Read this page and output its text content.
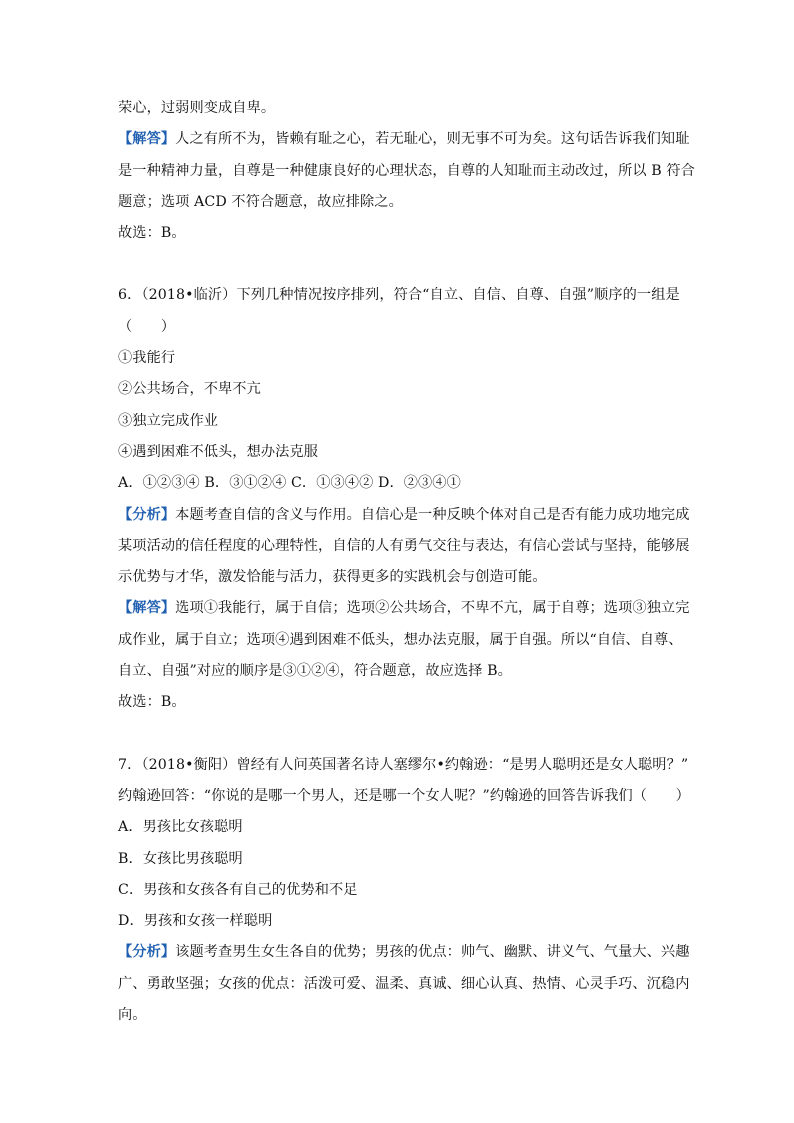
荣心，过弱则变成自卑。
【解答】人之有所不为，皆赖有耻之心，若无耻心，则无事不可为矣。这句话告诉我们知耻
是一种精神力量，自尊是一种健康良好的心理状态，自尊的人知耻而主动改过，所以 B 符合
题意；选项 ACD 不符合题意，故应排除之。
故选：B。
6．（2018•临沂）下列几种情况按序排列，符合“自立、自信、自尊、自强”顺序的一组是
（　　）
①我能行
②公共场合，不卑不亢
③独立完成作业
④遇到困难不低头，想办法克服
A．①②③④ B．③①②④ C．①③④② D．②③④①
【分析】本题考查自信的含义与作用。自信心是一种反映个体对自己是否有能力成功地完成
某项活动的信任程度的心理特性，自信的人有勇气交往与表达，有信心尝试与坚持，能够展
示优势与才华，激发恰能与活力，获得更多的实践机会与创造可能。
【解答】选项①我能行，属于自信；选项②公共场合，不卑不亢，属于自尊；选项③独立完
成作业，属于自立；选项④遇到困难不低头，想办法克服，属于自强。所以“自信、自尊、
自立、自强”对应的顺序是③①②④，符合题意，故应选择 B。
故选：B。
7．（2018•衡阳）曾经有人问英国著名诗人塞缪尔•约翰逊：“是男人聪明还是女人聪明？”
约翰逊回答：“你说的是哪一个男人，还是哪一个女人呢？”约翰逊的回答告诉我们（　　）
A．男孩比女孩聪明
B．女孩比男孩聪明
C．男孩和女孩各有自己的优势和不足
D．男孩和女孩一样聪明
【分析】该题考查男生女生各自的优势；男孩的优点：帅气、幽默、讲义气、气量大、兴趣
广、勇敢坚强；女孩的优点：活泼可爱、温柔、真诚、细心认真、热情、心灵手巧、沉稳内
向。
